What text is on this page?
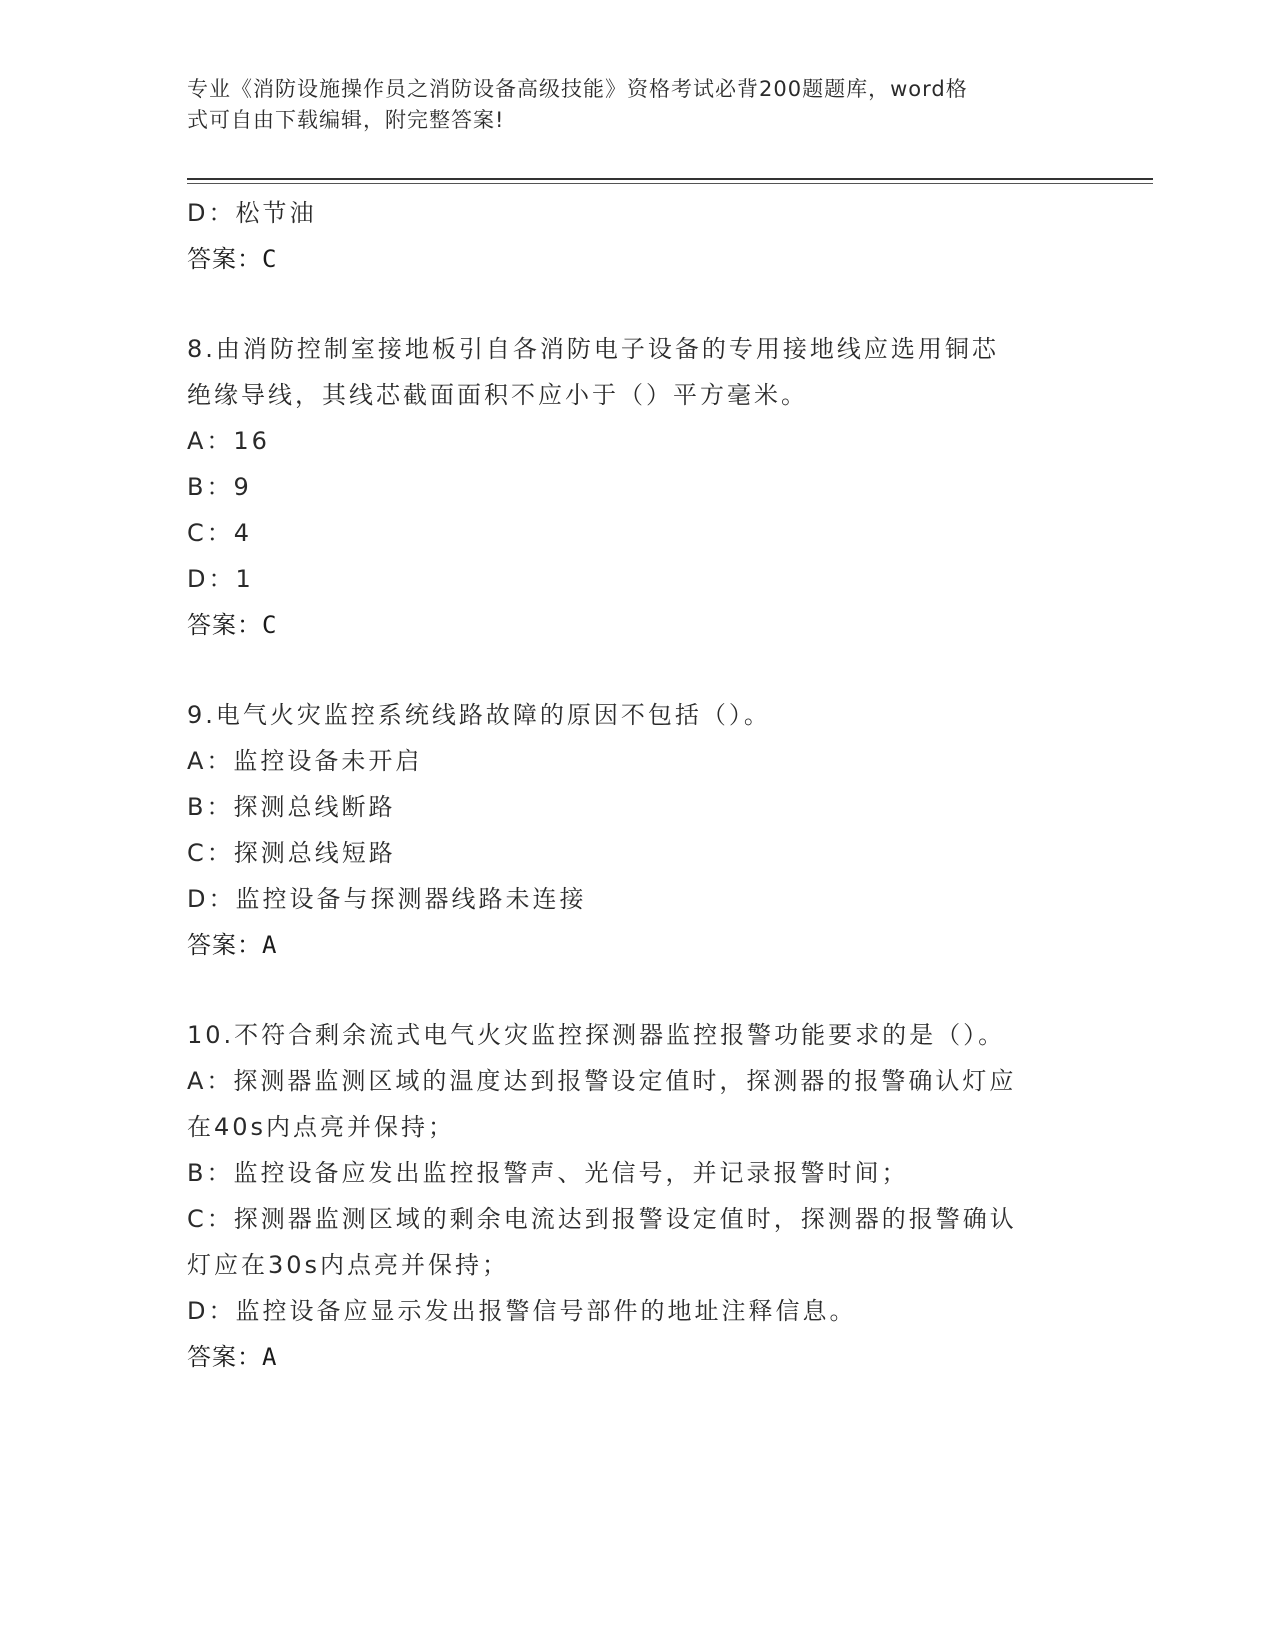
专业《消防设施操作员之消防设备高级技能》资格考试必背200题题库，word格
式可自由下载编辑，附完整答案!
D：松节油
答案：C
8.由消防控制室接地板引自各消防电子设备的专用接地线应选用铜芯
绝缘导线，其线芯截面面积不应小于（）平方毫米。
A：16
B：9
C：4
D：1
答案：C
9.电气火灾监控系统线路故障的原因不包括（）。
A：监控设备未开启
B：探测总线断路
C：探测总线短路
D：监控设备与探测器线路未连接
答案：A
10.不符合剩余流式电气火灾监控探测器监控报警功能要求的是（）。
A：探测器监测区域的温度达到报警设定值时，探测器的报警确认灯应
在40s内点亮并保持；
B：监控设备应发出监控报警声、光信号，并记录报警时间；
C：探测器监测区域的剩余电流达到报警设定值时，探测器的报警确认
灯应在30s内点亮并保持；
D：监控设备应显示发出报警信号部件的地址注释信息。
答案：A
